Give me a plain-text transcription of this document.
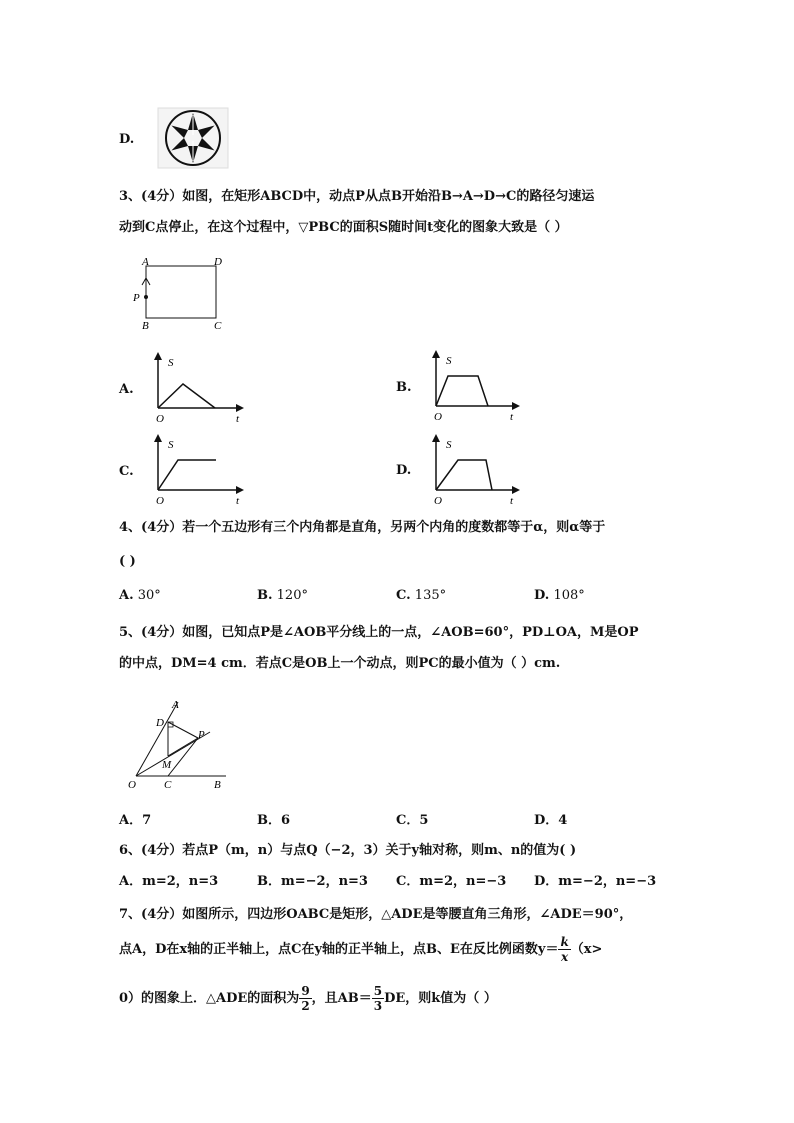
D.
3、(4分）如图，在矩形ABCD中，动点P从点B开始沿B→A→D→C的路径匀速运
动到C点停止，在这个过程中，▽PBC的面积S随时间t变化的图象大致是（ ）
A	D
P
B	C
A.
S
O	t
B.
S
O	t
C.
S
O	t
D.
S
O	t
4、(4分）若一个五边形有三个内角都是直角，另两个内角的度数都等于α，则α等于
( )
A. 30°	B. 120°	C. 135°	D. 108°
5、(4分）如图，已知点P是∠AOB平分线上的一点，∠AOB=60°，PD⊥OA，M是OP
的中点，DM=4 cm．若点C是OB上一个动点，则PC的最小值为（ ）cm.
A
D
P
M
O	C	B
A．7	B．6	C．5	D．4
6、(4分）若点P（m，n）与点Q（−2，3）关于y轴对称，则m、n的值为( )
A．m=2，n=3	B．m=−2，n=3 C．m=2，n=−3 D．m=−2，n=−3
7、(4分）如图所示，四边形OABC是矩形，△ADE是等腰直角三角形，∠ADE＝90°，
点A，D在x轴的正半轴上，点C在y轴的正半轴上，点B、E在反比例函数$y= \frac{k}{x} (x>$
0）的图象上．△ADE的面积为 $\frac{9}{2}$ ，且$AB= \frac{5}{3}$ DE，则k值为（ ）
